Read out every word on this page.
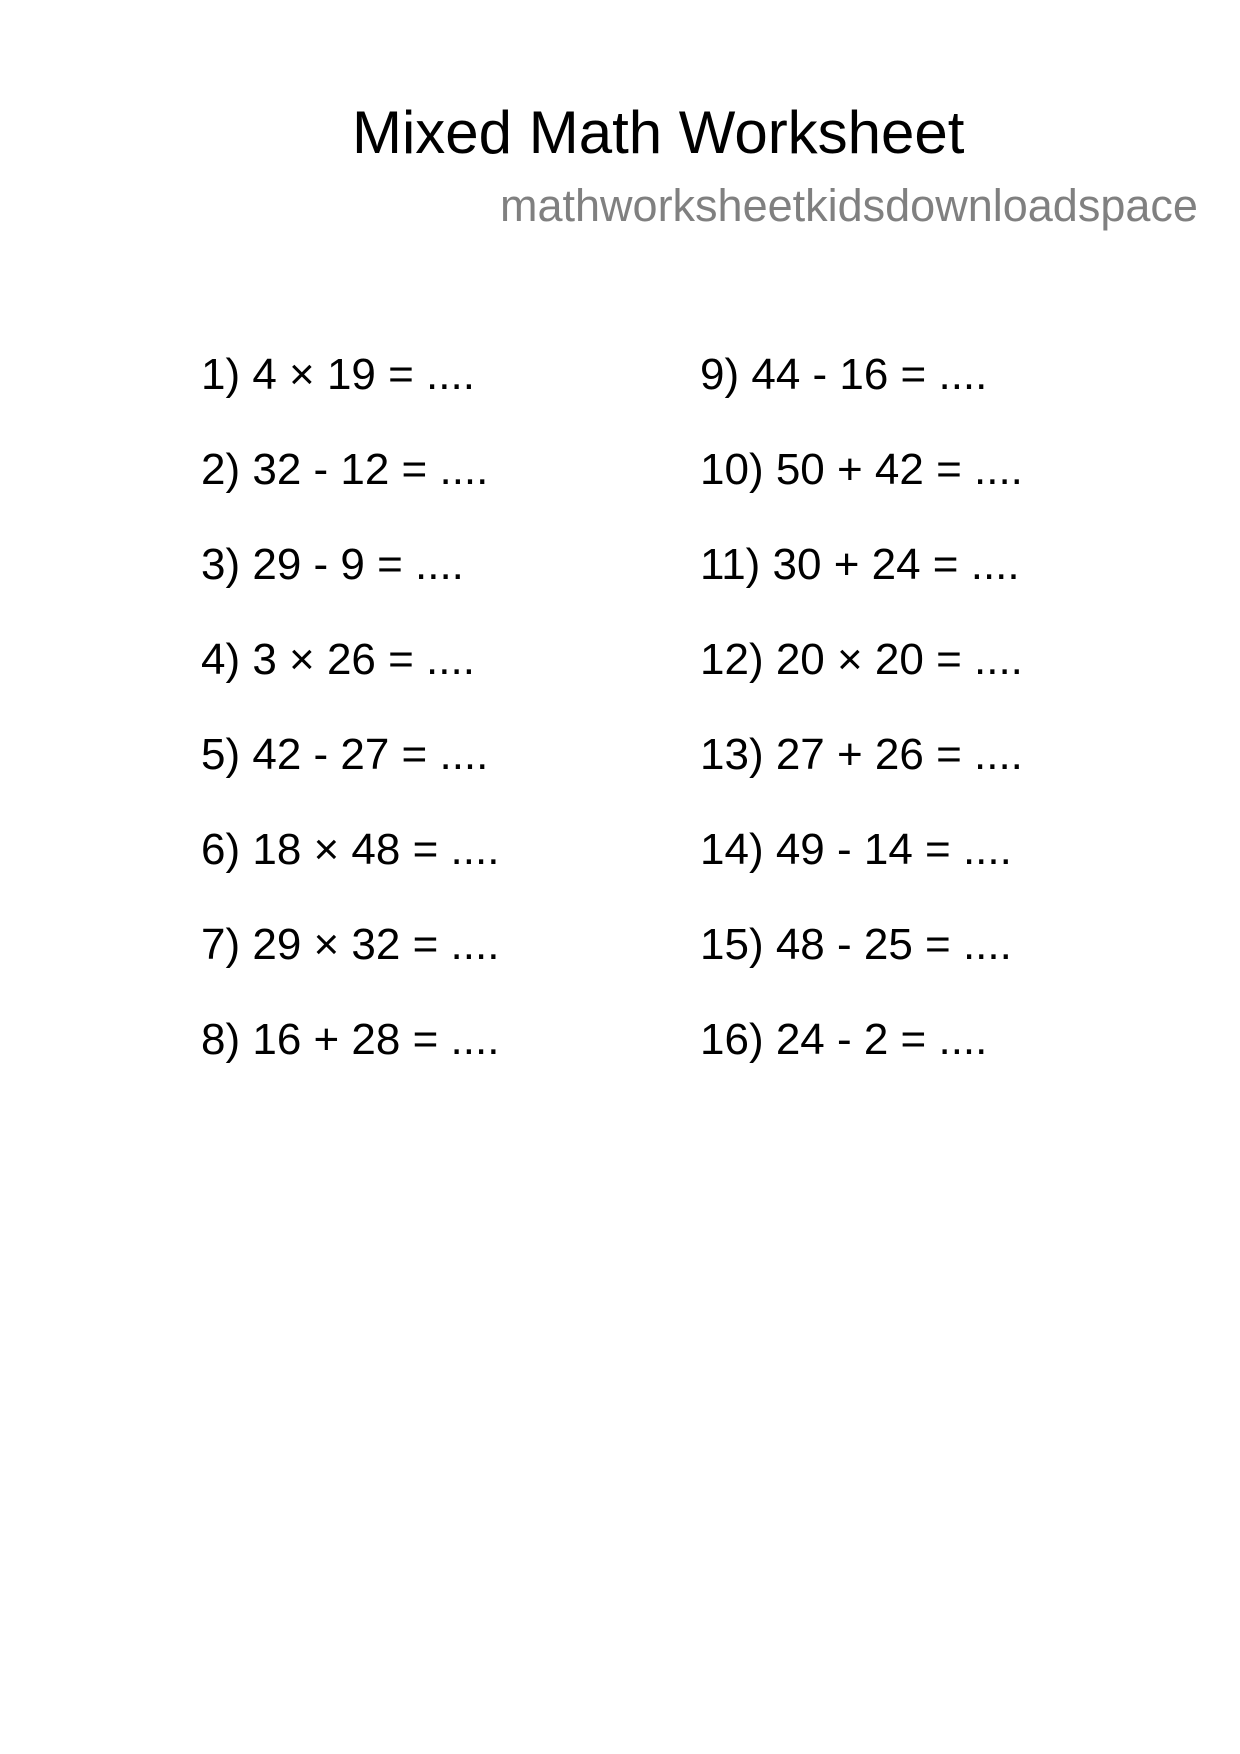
Mixed Math Worksheet
mathworksheetkidsdownloadspace
1) 4 × 19 = ....
2) 32 - 12 = ....
3) 29 - 9 = ....
4) 3 × 26 = ....
5) 42 - 27 = ....
6) 18 × 48 = ....
7) 29 × 32 = ....
8) 16 + 28 = ....
9) 44 - 16 = ....
10) 50 + 42 = ....
11) 30 + 24 = ....
12) 20 × 20 = ....
13) 27 + 26 = ....
14) 49 - 14 = ....
15) 48 - 25 = ....
16) 24 - 2 = ....
